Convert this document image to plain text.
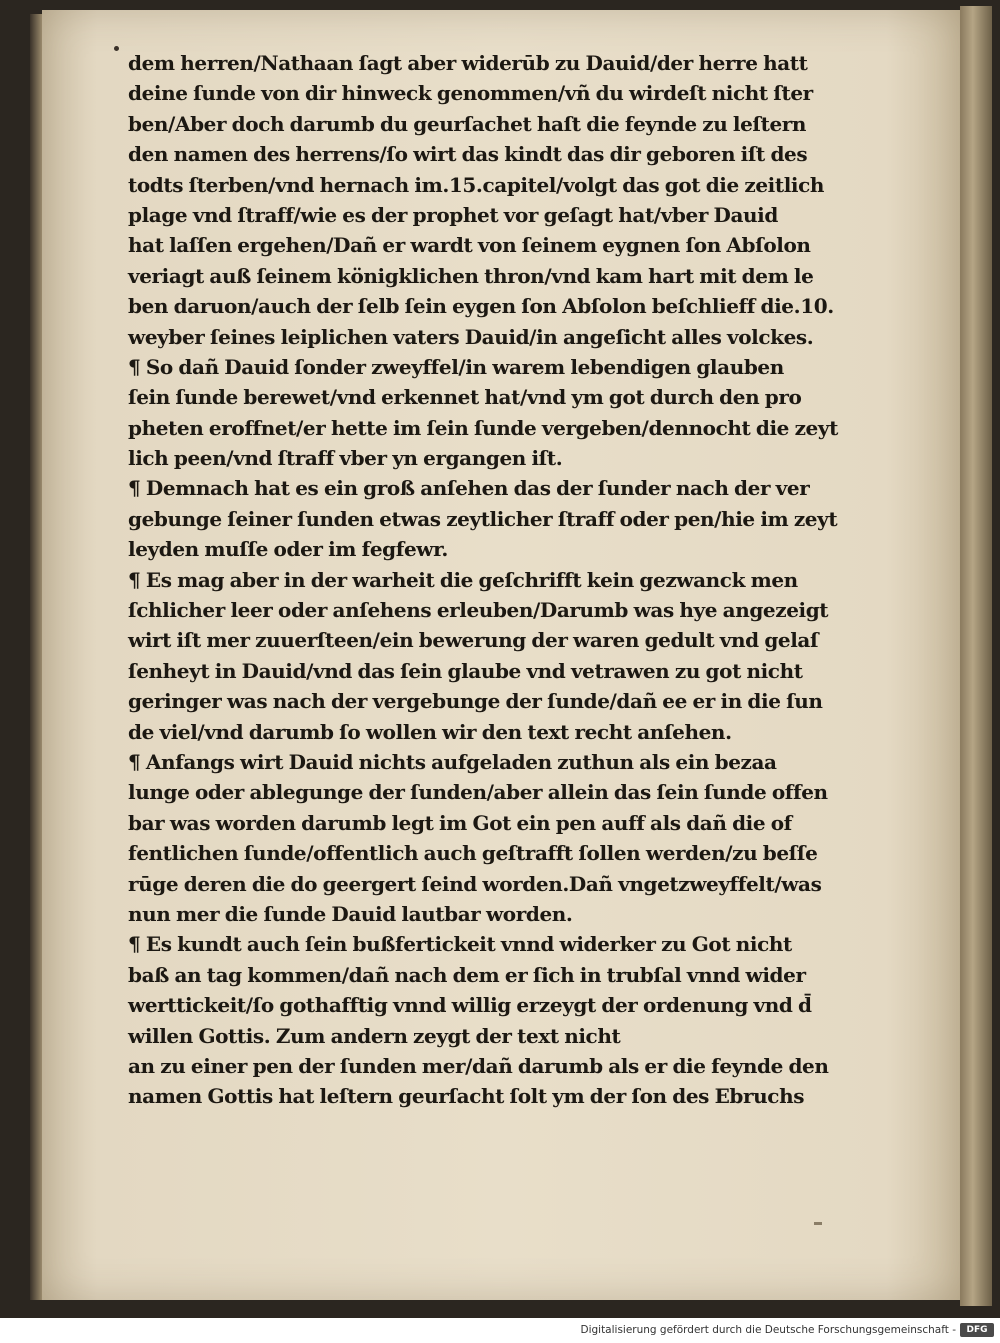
dem herren/Nathaan ſagt aber widerūb zu Dauid/der herre hatt
deine ſunde von dir hinweck genommen/vñ du wirdeſt nicht ſter
ben/Aber doch darumb du geurſachet haſt die feynde zu leſtern
den namen des herrens/ſo wirt das kindt das dir geboren iſt des
todts ſterben/vnd hernach im.15.capitel/volgt das got die zeitlich
plage vnd ſtraff/wie es der prophet vor geſagt hat/vber Dauid
hat laſſen ergehen/Dañ er wardt von ſeinem eygnen ſon Abſolon
veriagt auß ſeinem königklichen thron/vnd kam hart mit dem le
ben daruon/auch der ſelb ſein eygen ſon Abſolon beſchlieff die.10.
weyber ſeines leiplichen vaters Dauid/in angeſicht alles volckes.
¶ So dañ Dauid ſonder zweyffel/in warem lebendigen glauben
ſein ſunde berewet/vnd erkennet hat/vnd ym got durch den pro
pheten eroffnet/er hette im ſein ſunde vergeben/dennocht die zeyt
lich peen/vnd ſtraff vber yn ergangen iſt.
¶ Demnach hat es ein groß anſehen das der ſunder nach der ver
gebunge ſeiner ſunden etwas zeytlicher ſtraff oder pen/hie im zeyt
leyden muſſe oder im fegfewr.
¶ Es mag aber in der warheit die geſchrifft kein gezwanck men
ſchlicher leer oder anſehens erleuben/Darumb was hye angezeigt
wirt iſt mer zuuerſteen/ein bewerung der waren gedult vnd gelaſ
ſenheyt in Dauid/vnd das ſein glaube vnd vetrawen zu got nicht
geringer was nach der vergebunge der ſunde/dañ ee er in die ſun
de viel/vnd darumb ſo wollen wir den text recht anſehen.
¶ Anfangs wirt Dauid nichts aufgeladen zuthun als ein bezaa
lunge oder ablegunge der ſunden/aber allein das ſein ſunde offen
bar was worden darumb legt im Got ein pen auff als dañ die of
fentlichen ſunde/offentlich auch geſtrafft ſollen werden/zu beſſe
rūge deren die do geergert ſeind worden.Dañ vngetzweyffelt/was
nun mer die ſunde Dauid lautbar worden.
¶ Es kundt auch ſein bußfertickeit vnnd widerker zu Got nicht
baß an tag kommen/dañ nach dem er ſich in trubſal vnnd wider
werttickeit/ſo gothafftig vnnd willig erzeygt der ordenung vnd d̄
willen Gottis. Zum andern zeygt der text nicht
an zu einer pen der ſunden mer/dañ darumb als er die feynde den
namen Gottis hat leſtern geurſacht ſolt ym der ſon des Ebruchs
Digitalisierung gefördert durch die Deutsche Forschungsgemeinschaft -	DFG
